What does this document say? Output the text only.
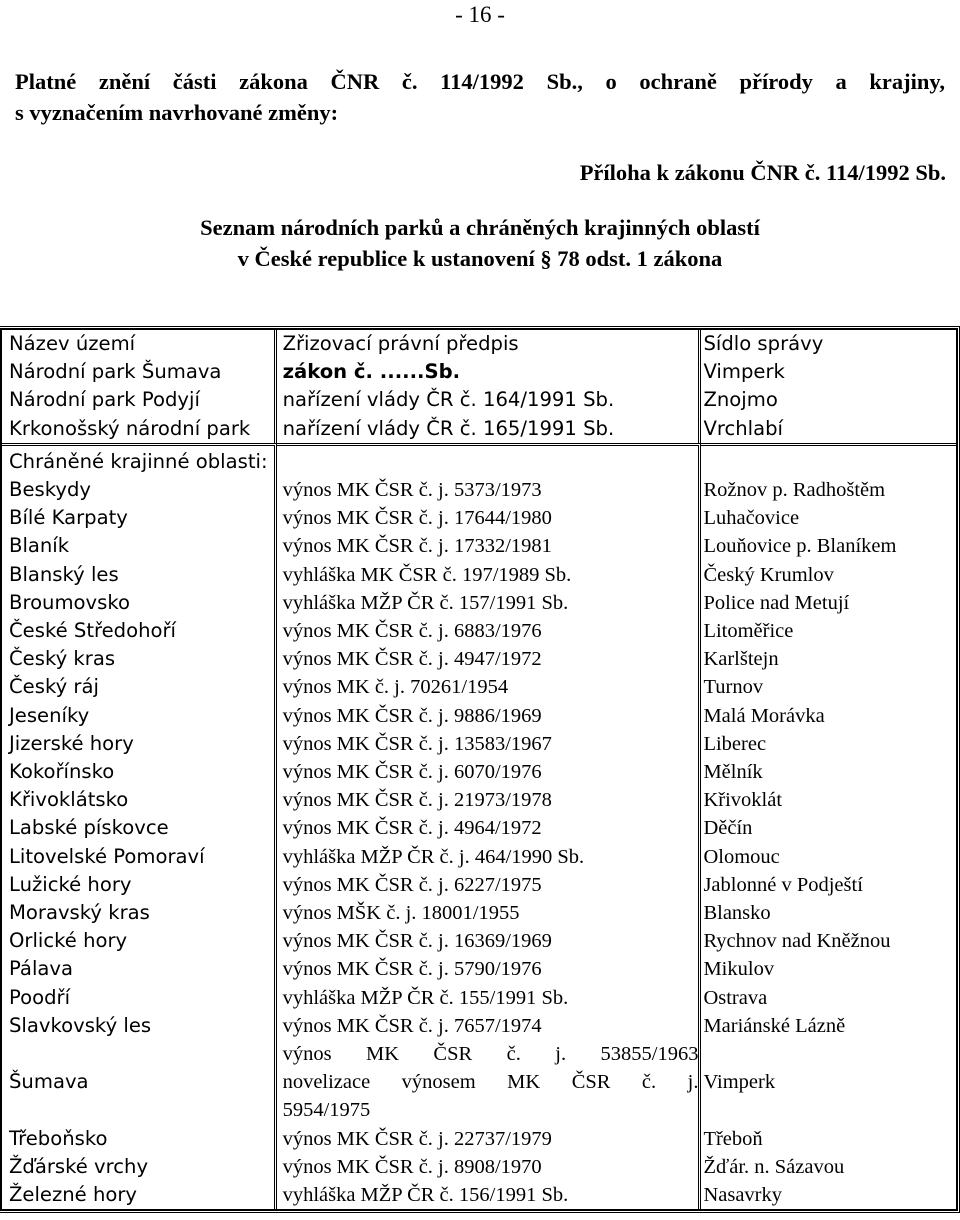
- 16 -
Platné znění části zákona ČNR č. 114/1992 Sb., o ochraně přírody a krajiny,
s vyznačením navrhované změny:
Příloha k zákonu ČNR č. 114/1992 Sb.
Seznam národních parků a chráněných krajinných oblastí
v České republice k ustanovení § 78 odst. 1 zákona
Název území	Zřizovací právní předpis	Sídlo správy
Národní park Šumava	zákon č. ......Sb.	Vimperk
Národní park Podyjí	nařízení vlády ČR č. 164/1991 Sb.	Znojmo
Krkonošský národní park	nařízení vlády ČR č. 165/1991 Sb.	Vrchlabí
Chráněné krajinné oblasti:		
Beskydy	výnos MK ČSR č. j. 5373/1973	Rožnov p. Radhoštěm
Bílé Karpaty	výnos MK ČSR č. j. 17644/1980	Luhačovice
Blaník	výnos MK ČSR č. j. 17332/1981	Louňovice p. Blaníkem
Blanský les	vyhláška MK ČSR č. 197/1989 Sb.	Český Krumlov
Broumovsko	vyhláška MŽP ČR č. 157/1991 Sb.	Police nad Metují
České Středohoří	výnos MK ČSR č. j. 6883/1976	Litoměřice
Český kras	výnos MK ČSR č. j. 4947/1972	Karlštejn
Český ráj	výnos MK č. j. 70261/1954	Turnov
Jeseníky	výnos MK ČSR č. j. 9886/1969	Malá Morávka
Jizerské hory	výnos MK ČSR č. j. 13583/1967	Liberec
Kokořínsko	výnos MK ČSR č. j. 6070/1976	Mělník
Křivoklátsko	výnos MK ČSR č. j. 21973/1978	Křivoklát
Labské pískovce	výnos MK ČSR č. j. 4964/1972	Děčín
Litovelské Pomoraví	vyhláška MŽP ČR č. j. 464/1990 Sb.	Olomouc
Lužické hory	výnos MK ČSR č. j. 6227/1975	Jablonné v Podještí
Moravský kras	výnos MŠK č. j. 18001/1955	Blansko
Orlické hory	výnos MK ČSR č. j. 16369/1969	Rychnov nad Kněžnou
Pálava	výnos MK ČSR č. j. 5790/1976	Mikulov
Poodří	vyhláška MŽP ČR č. 155/1991 Sb.	Ostrava
Slavkovský les	výnos MK ČSR č. j. 7657/1974	Mariánské Lázně
Šumava	výnos MK ČSR č. j. 53855/1963
novelizace výnosem MK ČSR č. j.
5954/1975	Vimperk
Třeboňsko	výnos MK ČSR č. j. 22737/1979	Třeboň
Žďárské vrchy	výnos MK ČSR č. j. 8908/1970	Žďár. n. Sázavou
Železné hory	vyhláška MŽP ČR č. 156/1991 Sb.	Nasavrky
